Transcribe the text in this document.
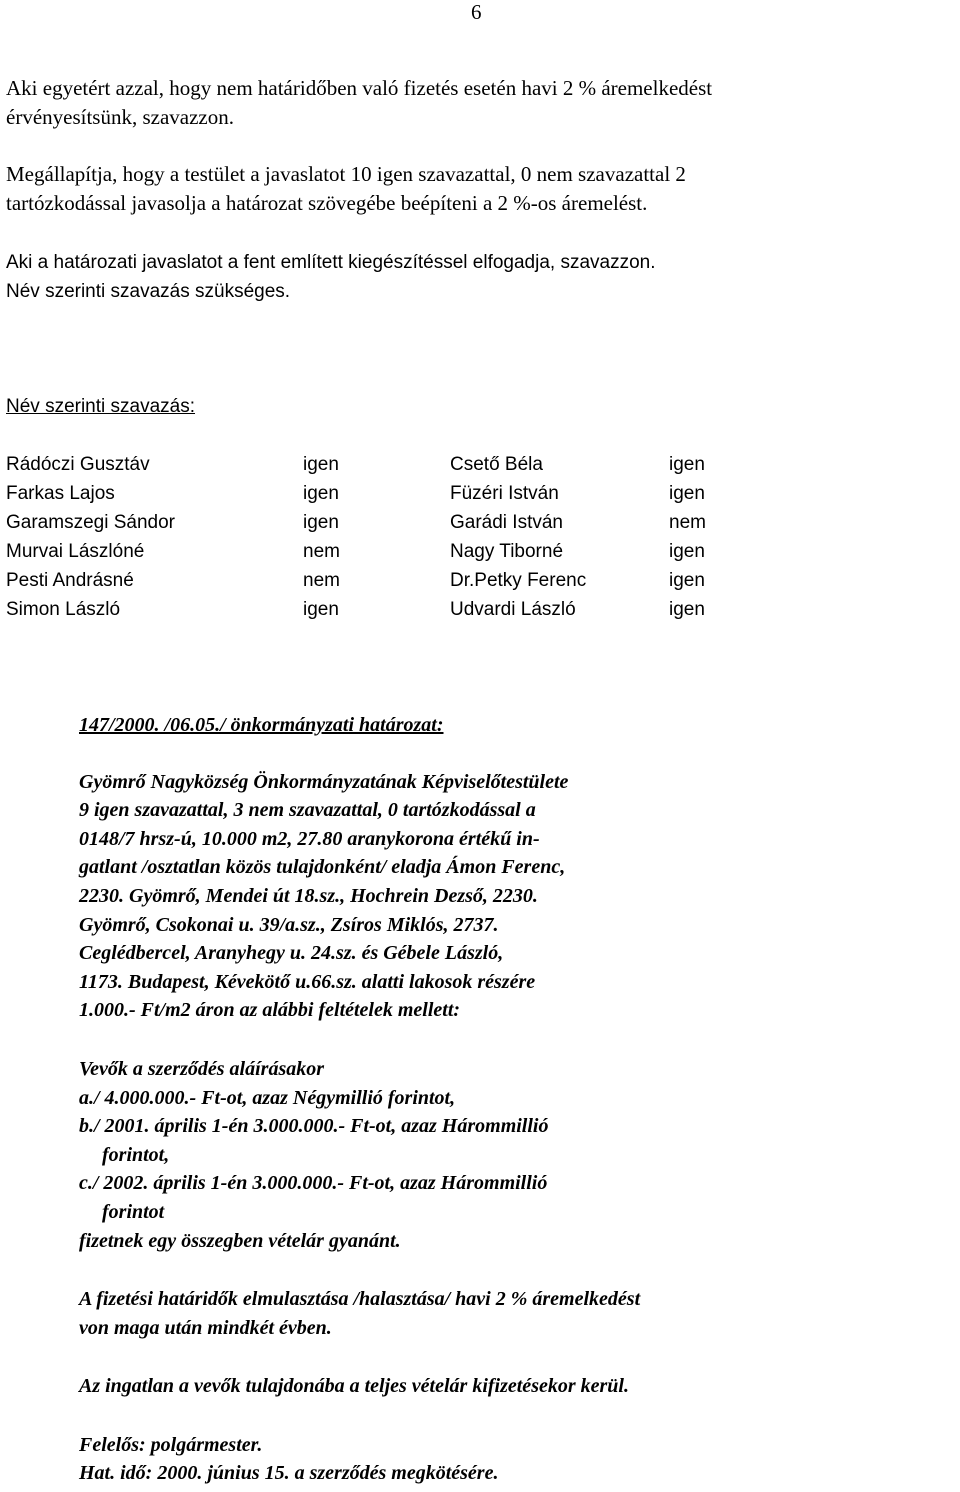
6
Aki egyetért azzal, hogy nem határidőben való fizetés esetén havi 2 % áremelkedést
érvényesítsünk, szavazzon.
Megállapítja, hogy a testület a javaslatot 10 igen szavazattal, 0 nem szavazattal 2
tartózkodással javasolja a határozat szövegébe beépíteni a 2 %-os áremelést.
Aki a határozati javaslatot a fent említett kiegészítéssel elfogadja, szavazzon.
Név szerinti szavazás szükséges.
Név szerinti szavazás:
Rádóczi Gusztáv	igen	Csető Béla	igen
Farkas Lajos	igen	Füzéri István	igen
Garamszegi Sándor	igen	Garádi István	nem
Murvai Lászlóné	nem	Nagy Tiborné	igen
Pesti Andrásné	nem	Dr.Petky Ferenc	igen
Simon László	igen	Udvardi László	igen
147/2000. /06.05./ önkormányzati határozat:
Gyömrő Nagyközség Önkormányzatának Képviselőtestülete
9 igen szavazattal, 3 nem szavazattal, 0 tartózkodással a
0148/7 hrsz-ú, 10.000 m2, 27.80 aranykorona értékű in-
gatlant /osztatlan közös tulajdonként/ eladja Ámon Ferenc,
2230. Gyömrő, Mendei út 18.sz., Hochrein Dezső, 2230.
Gyömrő, Csokonai u. 39/a.sz., Zsíros Miklós, 2737.
Ceglédbercel, Aranyhegy u. 24.sz. és Gébele László,
1173. Budapest, Kévekötő u.66.sz. alatti lakosok részére
1.000.- Ft/m2 áron az alábbi feltételek mellett:
Vevők a szerződés aláírásakor
a./ 4.000.000.- Ft-ot, azaz Négymillió forintot,
b./ 2001. április 1-én 3.000.000.- Ft-ot, azaz Hárommillió
forintot,
c./ 2002. április 1-én 3.000.000.- Ft-ot, azaz Hárommillió
forintot
fizetnek egy összegben vételár gyanánt.
A fizetési határidők elmulasztása /halasztása/ havi 2 % áremelkedést
von maga után mindkét évben.
Az ingatlan a vevők tulajdonába a teljes vételár kifizetésekor kerül.
Felelős: polgármester.
Hat. idő: 2000. június 15. a szerződés megkötésére.
